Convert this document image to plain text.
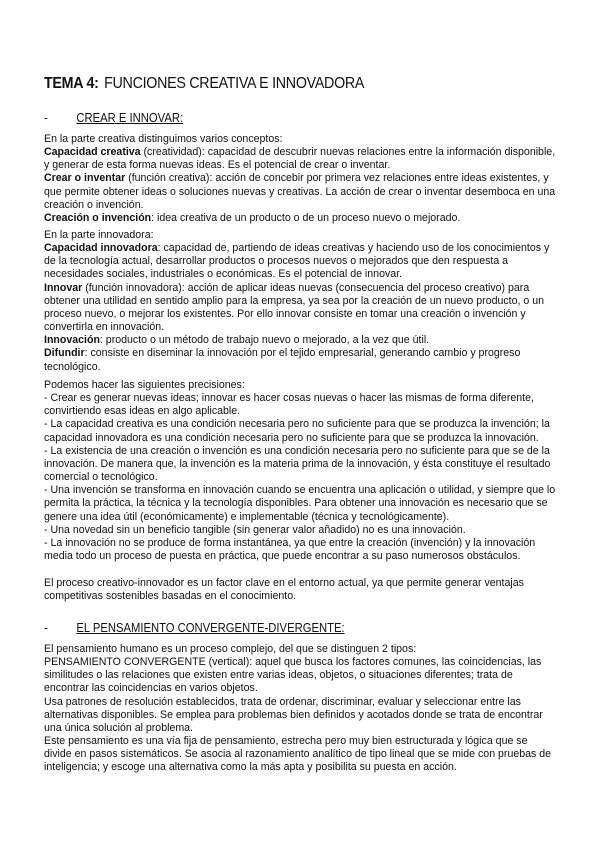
TEMA 4: FUNCIONES CREATIVA E INNOVADORA
- CREAR E INNOVAR:

En la parte creativa distinguimos varios conceptos:

Capacidad creativa (creatividad): capacidad de descubrir nuevas relaciones entre la información disponible, y generar de esta forma nuevas ideas. Es el potencial de crear o inventar.

Crear o inventar (función creativa): acción de concebir por primera vez relaciones entre ideas existentes, y que permite obtener ideas o soluciones nuevas y creativas. La acción de crear o inventar desemboca en una creación o invención.

Creación o invención: idea creativa de un producto o de un proceso nuevo o mejorado.

En la parte innovadora:

Capacidad innovadora: capacidad de, partiendo de ideas creativas y haciendo uso de los conocimientos y de la tecnología actual, desarrollar productos o procesos nuevos o mejorados que den respuesta a necesidades sociales, industriales o económicas. Es el potencial de innovar.

Innovar (función innovadora): acción de aplicar ideas nuevas (consecuencia del proceso creativo) para obtener una utilidad en sentido amplio para la empresa, ya sea por la creación de un nuevo producto, o un proceso nuevo, o mejorar los existentes. Por ello innovar consiste en tomar una creación o invención y convertirla en innovación.

Innovación: producto o un método de trabajo nuevo o mejorado, a la vez que útil.

Difundir: consiste en diseminar la innovación por el tejido empresarial, generando cambio y progreso tecnológico.

Podemos hacer las siguientes precisiones:

- Crear es generar nuevas ideas; innovar es hacer cosas nuevas o hacer las mismas de forma diferente, convirtiendo esas ideas en algo aplicable.

- La capacidad creativa es una condición necesaria pero no suficiente para que se produzca la invención; la capacidad innovadora es una condición necesaria pero no suficiente para que se produzca la innovación.

- La existencia de una creación o invención es una condición necesaria pero no suficiente para que se de la innovación. De manera que, la invención es la materia prima de la innovación, y ésta constituye el resultado comercial o tecnológico.

- Una invención se transforma en innovación cuando se encuentra una aplicación o utilidad, y siempre que lo permita la práctica, la técnica y la tecnología disponibles. Para obtener una innovación es necesario que se genere una idea útil (económicamente) e implementable (técnica y tecnológicamente).

- Una novedad sin un beneficio tangible (sin generar valor añadido) no es una innovación.

- La innovación no se produce de forma instantánea, ya que entre la creación (invención) y la innovación media todo un proceso de puesta en práctica, que puede encontrar a su paso numerosos obstáculos.

El proceso creativo-innovador es un factor clave en el entorno actual, ya que permite generar ventajas competitivas sostenibles basadas en el conocimiento.

- EL PENSAMIENTO CONVERGENTE-DIVERGENTE:

El pensamiento humano es un proceso complejo, del que se distinguen 2 tipos:

PENSAMIENTO CONVERGENTE (vertical): aquel que busca los factores comunes, las coincidencias, las similitudes o las relaciones que existen entre varias ideas, objetos, o situaciones diferentes; trata de encontrar las coincidencias en varios objetos.

Usa patrones de resolución establecidos, trata de ordenar, discriminar, evaluar y seleccionar entre las alternativas disponibles. Se emplea para problemas bien definidos y acotados donde se trata de encontrar una única solución al problema.

Este pensamiento es una vía fija de pensamiento, estrecha pero muy bien estructurada y lógica que se divide en pasos sistemáticos. Se asocia al razonamiento analítico de tipo lineal que se mide con pruebas de inteligencia; y escoge una alternativa como la más apta y posibilita su puesta en acción.
